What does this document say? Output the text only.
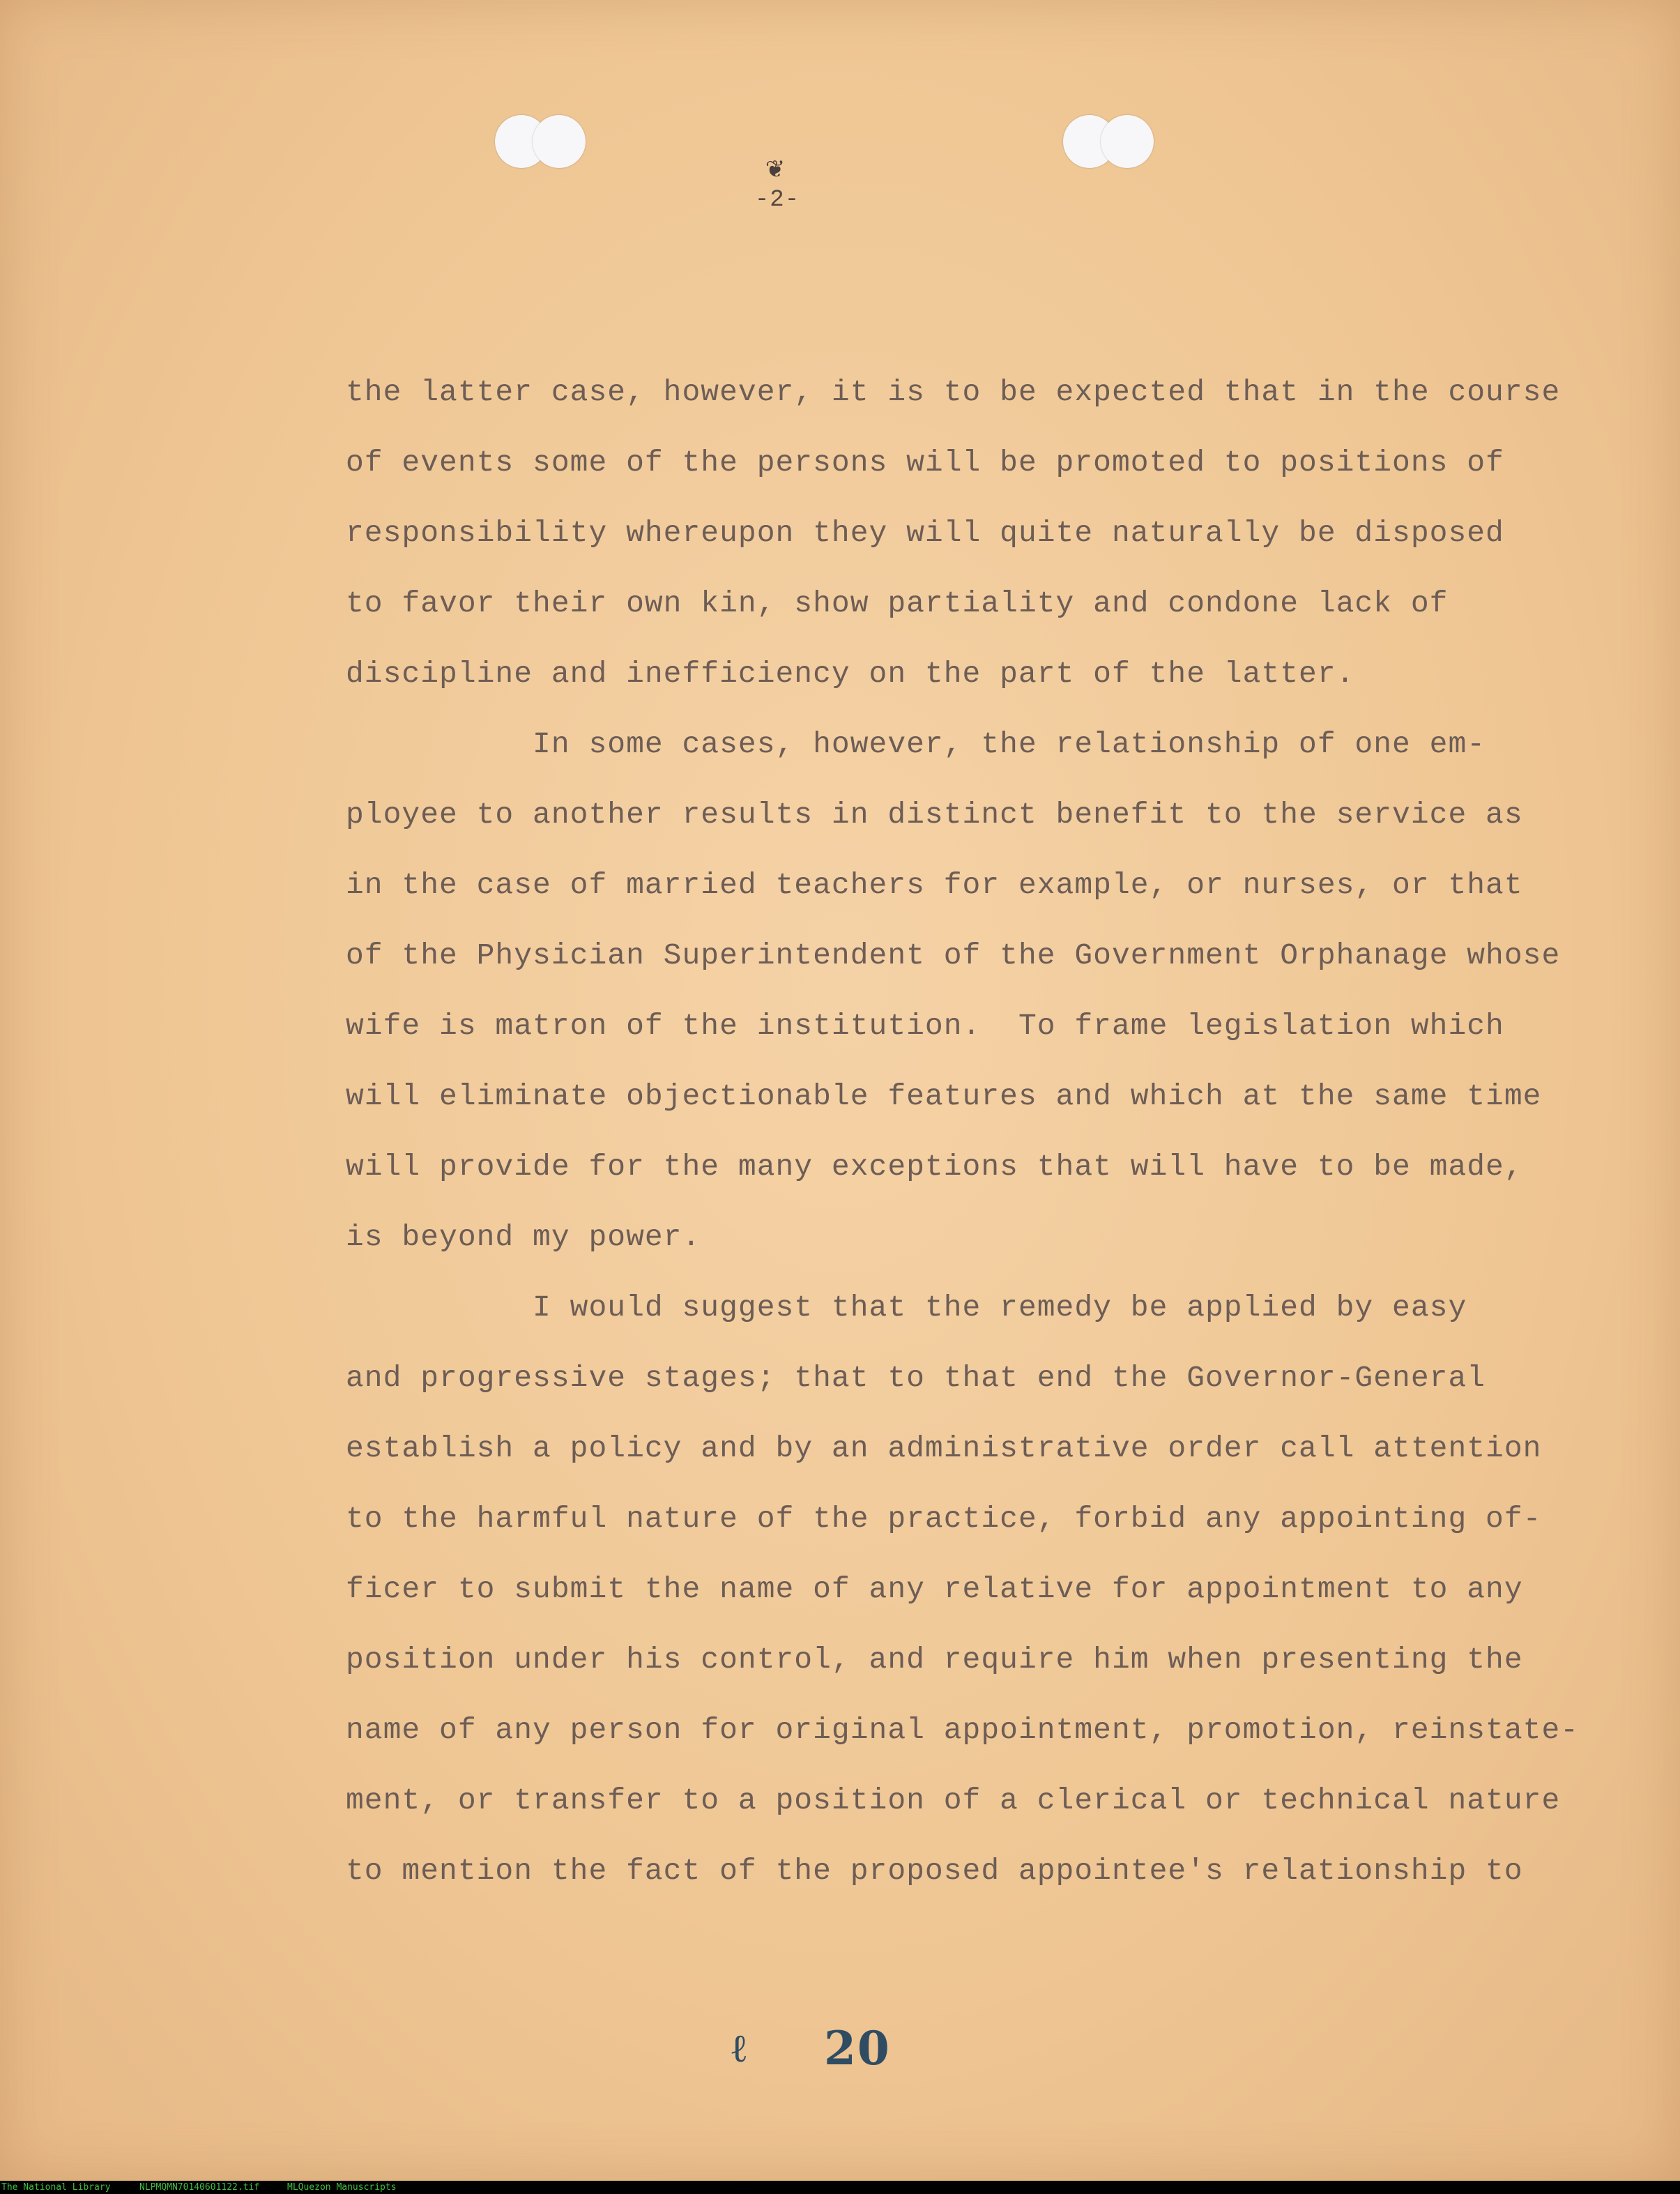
❦
-2-
the latter case, however, it is to be expected that in the course
of events some of the persons will be promoted to positions of
responsibility whereupon they will quite naturally be disposed
to favor their own kin, show partiality and condone lack of
discipline and inefficiency on the part of the latter.
In some cases, however, the relationship of one em-
ployee to another results in distinct benefit to the service as
in the case of married teachers for example, or nurses, or that
of the Physician Superintendent of the Government Orphanage whose
wife is matron of the institution.  To frame legislation which
will eliminate objectionable features and which at the same time
will provide for the many exceptions that will have to be made,
is beyond my power.
I would suggest that the remedy be applied by easy
and progressive stages; that to that end the Governor-General
establish a policy and by an administrative order call attention
to the harmful nature of the practice, forbid any appointing of-
ficer to submit the name of any relative for appointment to any
position under his control, and require him when presenting the
name of any person for original appointment, promotion, reinstate-
ment, or transfer to a position of a clerical or technical nature
to mention the fact of the proposed appointee's relationship to
ℓ 20
The National Library	NLPMQMN70140601122.tif	MLQuezon Manuscripts
